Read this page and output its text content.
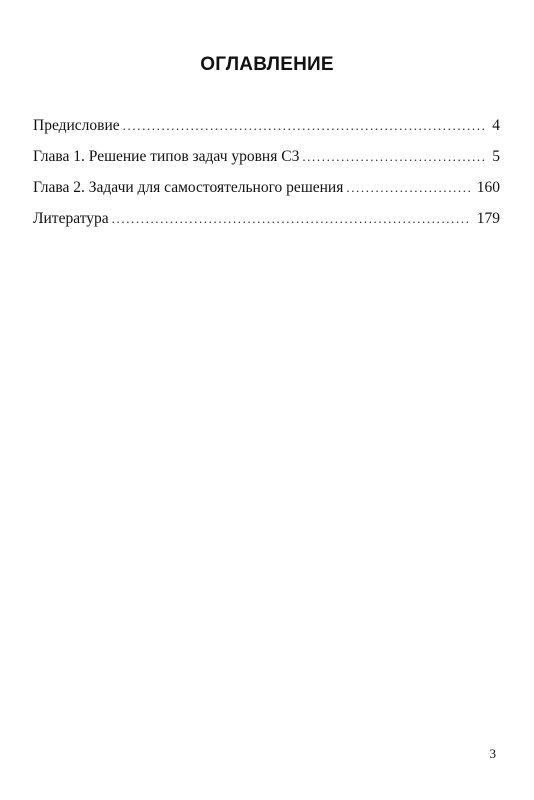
ОГЛАВЛЕНИЕ
Предисловие .....	4
Глава 1. Решение типов задач уровня С3 .....	5
Глава 2. Задачи для самостоятельного решения .....	160
Литература .....	179
3
